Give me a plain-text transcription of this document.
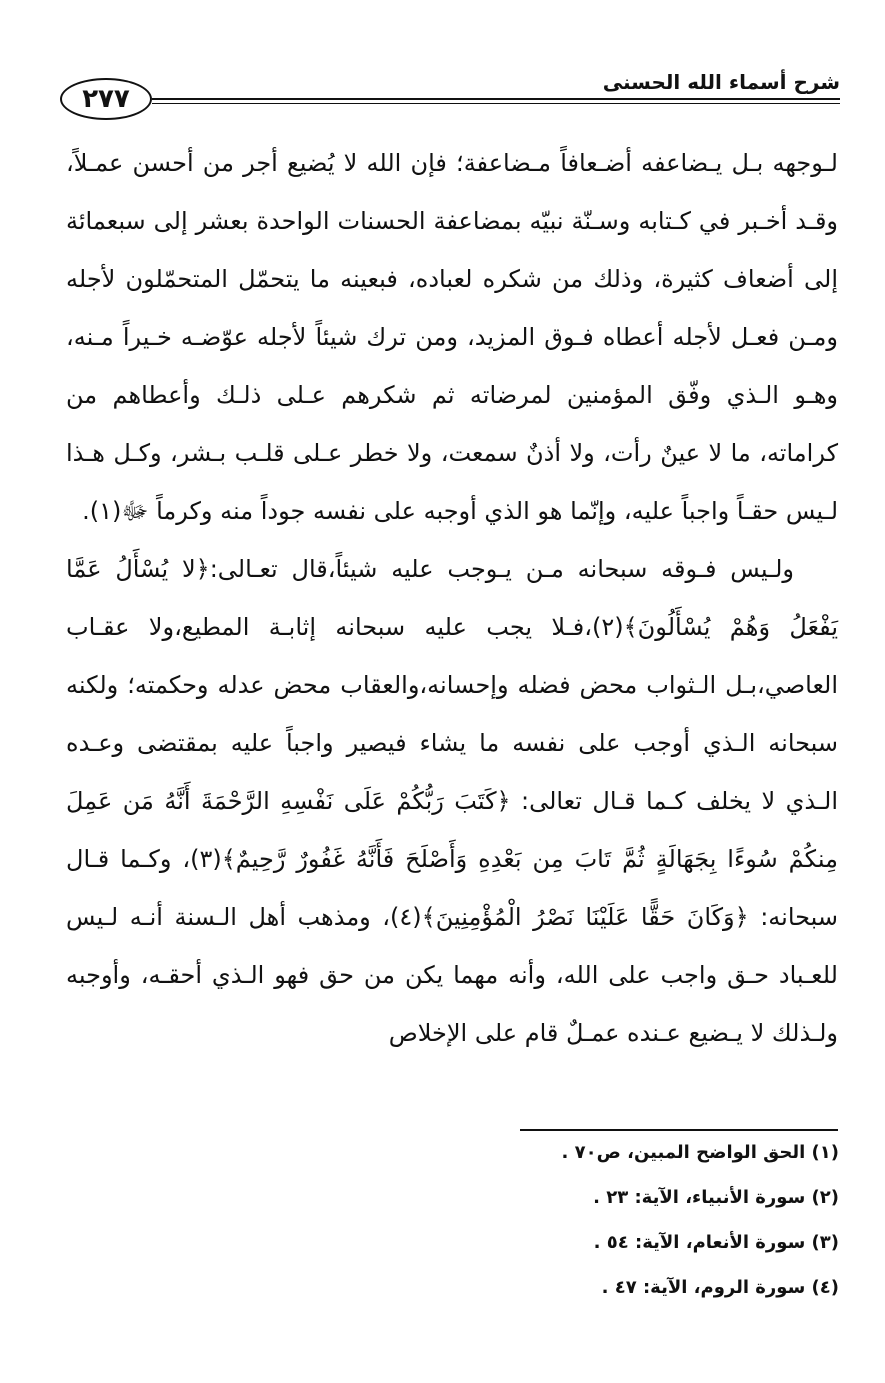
شرح أسماء الله الحسنى
٢٧٧

لـوجهه بـل يـضاعفه أضـعافاً مـضاعفة؛ فإن الله لا يُضيع أجر من أحسن عمـلاً، وقـد أخـبر في كـتابه وسـنّة نبيّه بمضاعفة الحسنات الواحدة بعشر إلى سبعمائة إلى أضعاف كثيرة، وذلك من شكره لعباده، فبعينه ما يتحمّل المتحمّلون لأجله ومـن فعـل لأجله أعطاه فـوق المزيد، ومن ترك شيئاً لأجله عوّضـه خـيراً مـنه، وهـو الـذي وفّق المؤمنين لمرضاته ثم شكرهم عـلى ذلـك وأعطاهم من كراماته، ما لا عينٌ رأت، ولا أذنٌ سمعت، ولا خطر عـلى قلـب بـشر، وكـل هـذا لـيس حقـاً واجباً عليه، وإنّما هو الذي أوجبه على نفسه جوداً منه وكرماً ﷻ(١).

ولـيس فـوقه سبحانه مـن يـوجب عليه شيئاً،قال تعـالى:﴿لا يُسْأَلُ عَمَّا يَفْعَلُ وَهُمْ يُسْأَلُونَ﴾(٢)،فـلا يجب عليه سبحانه إثابـة المطيع،ولا عقـاب العاصي،بـل الـثواب محض فضله وإحسانه،والعقاب محض عدله وحكمته؛ ولكنه سبحانه الـذي أوجب على نفسه ما يشاء فيصير واجباً عليه بمقتضى وعـده الـذي لا يخلف كـما قـال تعالى: ﴿كَتَبَ رَبُّكُمْ عَلَى نَفْسِهِ الرَّحْمَةَ أَنَّهُ مَن عَمِلَ مِنكُمْ سُوءًا بِجَهَالَةٍ ثُمَّ تَابَ مِن بَعْدِهِ وَأَصْلَحَ فَأَنَّهُ غَفُورٌ رَّحِيمٌ﴾(٣)، وكـما قـال سبحانه: ﴿وَكَانَ حَقًّا عَلَيْنَا نَصْرُ الْمُؤْمِنِينَ﴾(٤)، ومذهب أهل الـسنة أنـه لـيس للعـباد حـق واجب على الله، وأنه مهما يكن من حق فهو الـذي أحقـه، وأوجبه ولـذلك لا يـضيع عـنده عمـلٌ قام على الإخلاص

(١) الحق الواضح المبين، ص٧٠ .
(٢) سورة الأنبياء، الآية: ٢٣ .
(٣) سورة الأنعام، الآية: ٥٤ .
(٤) سورة الروم، الآية: ٤٧ .
